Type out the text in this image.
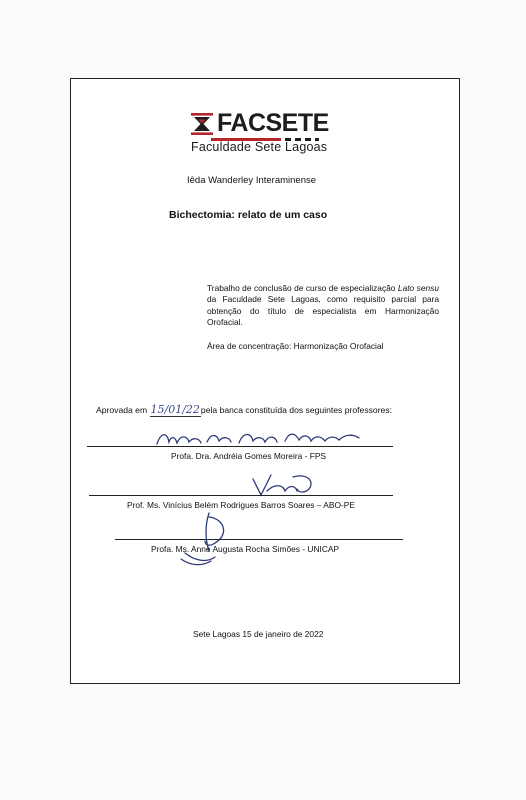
FACSETE
Faculdade Sete Lagoas
Iêda Wanderley Interaminense
Bichectomia: relato de um caso
Trabalho de conclusão de curso de especialização Lato sensu da Faculdade Sete Lagoas, como requisito parcial para obtenção do título de especialista em Harmonização Orofacial.
Área de concentração: Harmonização Orofacial
Aprovada em 15/01/22pela banca constituída dos seguintes professores:
Profa. Dra. Andréia Gomes Moreira - FPS
Prof. Ms. Vinícius Belém Rodrigues Barros Soares – ABO-PE
Profa. Ms. Anne Augusta Rocha Simões - UNICAP
Sete Lagoas 15 de janeiro de 2022
